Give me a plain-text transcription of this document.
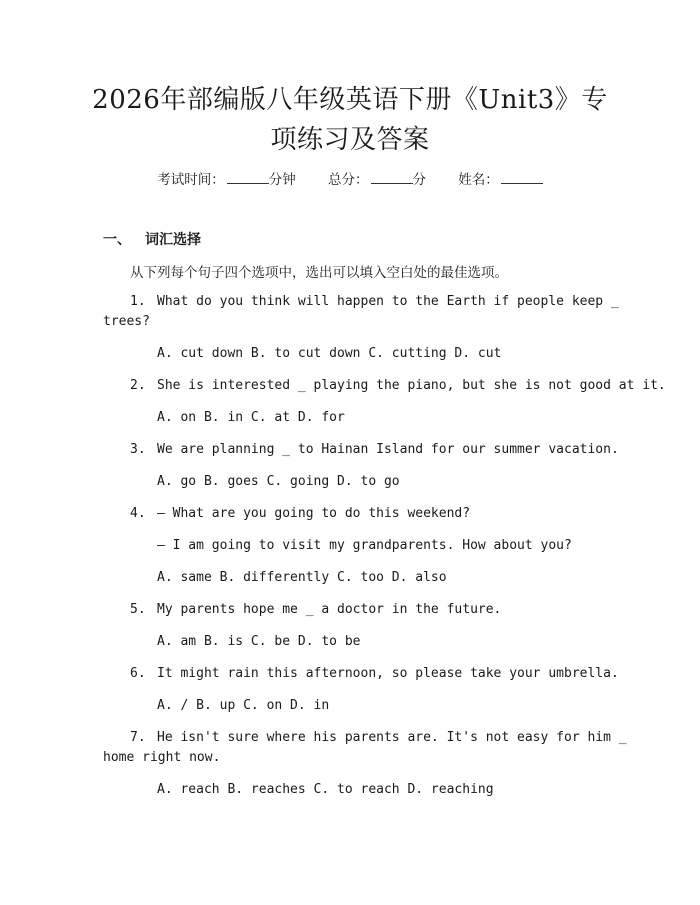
2026年部编版八年级英语下册《Unit3》专
项练习及答案
考试时间：	分钟 总分：	分 姓名：
一、 词汇选择
从下列每个句子四个选项中，选出可以填入空白处的最佳选项。
1. What do you think will happen to the Earth if people keep _
trees?
A. cut down B. to cut down C. cutting D. cut
2. She is interested _ playing the piano, but she is not good at it.
A. on B. in C. at D. for
3. We are planning _ to Hainan Island for our summer vacation.
A. go B. goes C. going D. to go
4. — What are you going to do this weekend?
— I am going to visit my grandparents. How about you?
A. same B. differently C. too D. also
5. My parents hope me _ a doctor in the future.
A. am B. is C. be D. to be
6. It might rain this afternoon, so please take your umbrella.
A. / B. up C. on D. in
7. He isn't sure where his parents are. It's not easy for him _
home right now.
A. reach B. reaches C. to reach D. reaching
